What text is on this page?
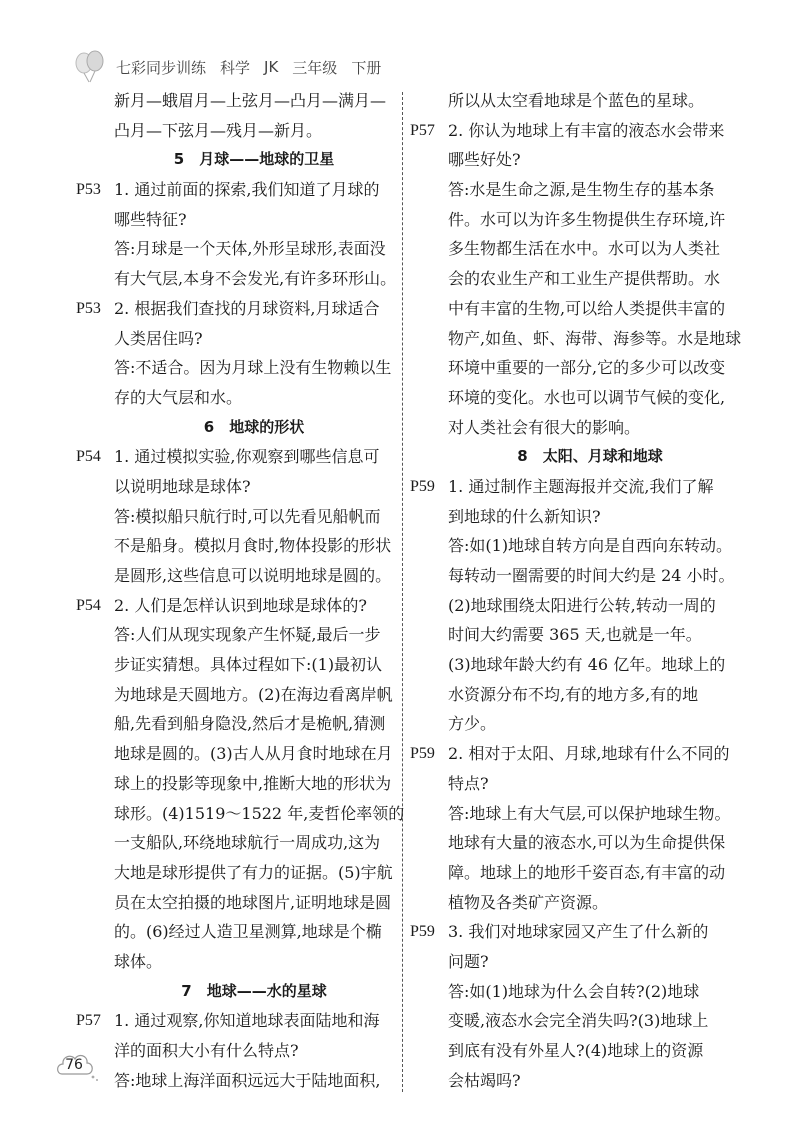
七彩同步训练 科学 JK 三年级 下册
新月—蛾眉月—上弦月—凸月—满月—
凸月—下弦月—残月—新月。
5　月球——地球的卫星
P53 1. 通过前面的探索,我们知道了月球的
哪些特征?
答:月球是一个天体,外形呈球形,表面没
有大气层,本身不会发光,有许多环形山。
P53 2. 根据我们查找的月球资料,月球适合
人类居住吗?
答:不适合。因为月球上没有生物赖以生
存的大气层和水。
6　地球的形状
P54 1. 通过模拟实验,你观察到哪些信息可
以说明地球是球体?
答:模拟船只航行时,可以先看见船帆而
不是船身。模拟月食时,物体投影的形状
是圆形,这些信息可以说明地球是圆的。
P54 2. 人们是怎样认识到地球是球体的?
答:人们从现实现象产生怀疑,最后一步
步证实猜想。具体过程如下:(1)最初认
为地球是天圆地方。(2)在海边看离岸帆
船,先看到船身隐没,然后才是桅帆,猜测
地球是圆的。(3)古人从月食时地球在月
球上的投影等现象中,推断大地的形状为
球形。(4)1519～1522 年,麦哲伦率领的
一支船队,环绕地球航行一周成功,这为
大地是球形提供了有力的证据。(5)宇航
员在太空拍摄的地球图片,证明地球是圆
的。(6)经过人造卫星测算,地球是个椭
球体。
7　地球——水的星球
P57 1. 通过观察,你知道地球表面陆地和海
洋的面积大小有什么特点?
答:地球上海洋面积远远大于陆地面积,
所以从太空看地球是个蓝色的星球。
P57 2. 你认为地球上有丰富的液态水会带来
哪些好处?
答:水是生命之源,是生物生存的基本条
件。水可以为许多生物提供生存环境,许
多生物都生活在水中。水可以为人类社
会的农业生产和工业生产提供帮助。水
中有丰富的生物,可以给人类提供丰富的
物产,如鱼、虾、海带、海参等。水是地球
环境中重要的一部分,它的多少可以改变
环境的变化。水也可以调节气候的变化,
对人类社会有很大的影响。
8　太阳、月球和地球
P59 1. 通过制作主题海报并交流,我们了解
到地球的什么新知识?
答:如(1)地球自转方向是自西向东转动。
每转动一圈需要的时间大约是 24 小时。
(2)地球围绕太阳进行公转,转动一周的
时间大约需要 365 天,也就是一年。
(3)地球年龄大约有 46 亿年。地球上的
水资源分布不均,有的地方多,有的地
方少。
P59 2. 相对于太阳、月球,地球有什么不同的
特点?
答:地球上有大气层,可以保护地球生物。
地球有大量的液态水,可以为生命提供保
障。地球上的地形千姿百态,有丰富的动
植物及各类矿产资源。
P59 3. 我们对地球家园又产生了什么新的
问题?
答:如(1)地球为什么会自转?(2)地球
变暖,液态水会完全消失吗?(3)地球上
到底有没有外星人?(4)地球上的资源
会枯竭吗?
76
